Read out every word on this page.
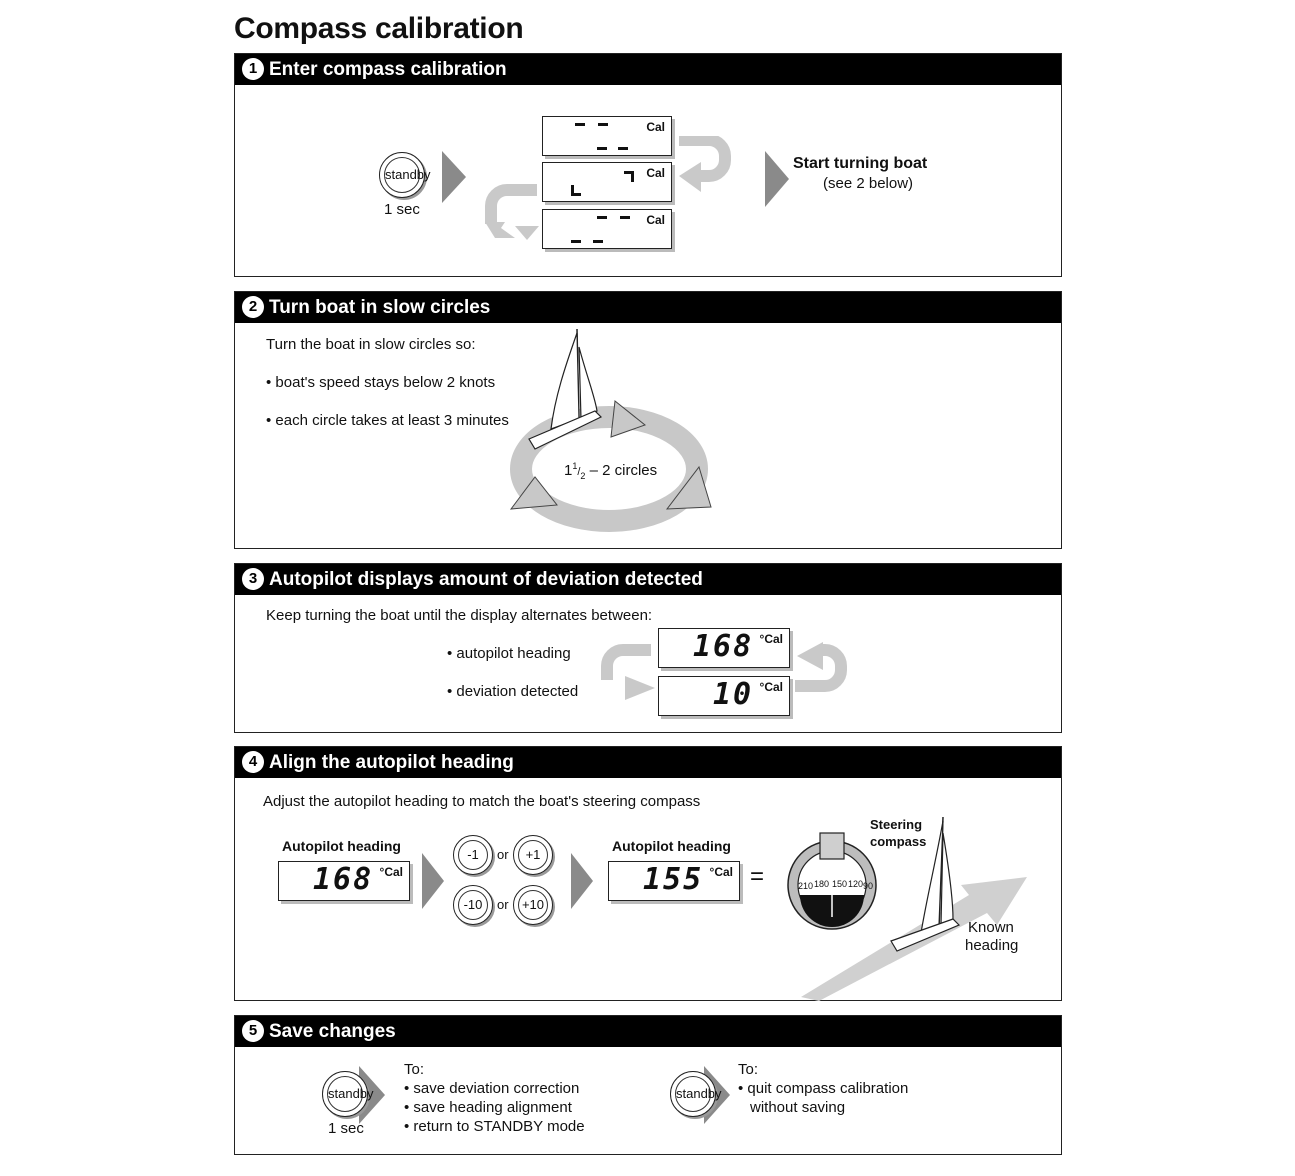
Compass calibration
1 Enter compass calibration
standby
1 sec
Cal
Cal
Cal
Start turning boat
(see 2 below)
2 Turn boat in slow circles
Turn the boat in slow circles so:
• boat's speed stays below 2 knots
• each circle takes at least 3 minutes
$1^1/_2 - 2$ circles
3 Autopilot displays amount of deviation detected
Keep turning the boat until the display alternates between:
• autopilot heading
• deviation detected
168 °Cal
10 °Cal
4 Align the autopilot heading
Adjust the autopilot heading to match the boat's steering compass
Autopilot heading
168 °Cal
-1	or	+1
-10	or	+10
Autopilot heading
155 °Cal =	210 180 150 120 90
Steering
compass
Known
heading
5 Save changes
standby
1 sec
To:
• save deviation correction
• save heading alignment
• return to STANDBY mode
standby
To:
• quit compass calibration
without saving
